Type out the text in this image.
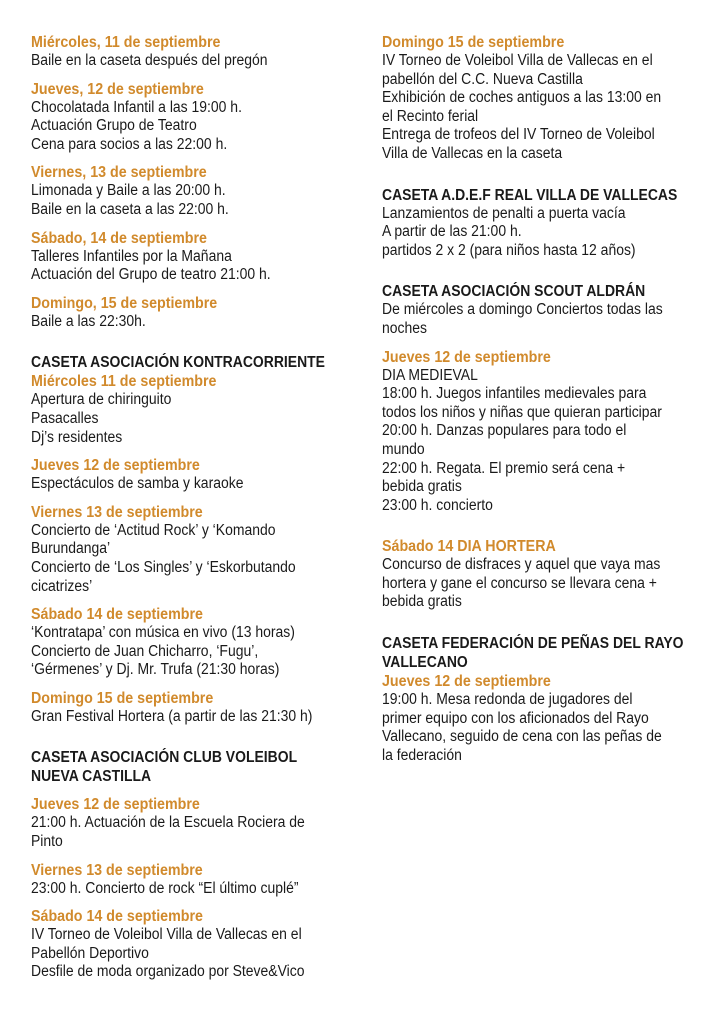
Miércoles, 11 de septiembre
Baile en la caseta después del pregón
Jueves, 12 de septiembre
Chocolatada Infantil a las 19:00 h.
Actuación Grupo de Teatro
Cena para socios a las 22:00 h.
Viernes, 13 de septiembre
Limonada y Baile a las 20:00 h.
Baile en la caseta a las 22:00 h.
Sábado, 14 de septiembre
Talleres Infantiles por la Mañana
Actuación del Grupo de teatro 21:00 h.
Domingo, 15 de septiembre
Baile a las 22:30h.
CASETA ASOCIACIÓN KONTRACORRIENTE
Miércoles 11 de septiembre
Apertura de chiringuito
Pasacalles
Dj’s residentes
Jueves 12 de septiembre
Espectáculos de samba y karaoke
Viernes 13 de septiembre
Concierto de ‘Actitud Rock’ y ‘Komando
Burundanga’
Concierto de ‘Los Singles’ y ‘Eskorbutando
cicatrizes’
Sábado 14 de septiembre
‘Kontratapa’ con música en vivo (13 horas)
Concierto de Juan Chicharro, ‘Fugu’,
‘Gérmenes’ y Dj. Mr. Trufa (21:30 horas)
Domingo 15 de septiembre
Gran Festival Hortera (a partir de las 21:30 h)
CASETA ASOCIACIÓN CLUB VOLEIBOL
NUEVA CASTILLA
Jueves 12 de septiembre
21:00 h. Actuación de la Escuela Rociera de
Pinto
Viernes 13 de septiembre
23:00 h. Concierto de rock “El último cuplé”
Sábado 14 de septiembre
IV Torneo de Voleibol Villa de Vallecas en el
Pabellón Deportivo
Desfile de moda organizado por Steve&Vico
Domingo 15 de septiembre
IV Torneo de Voleibol Villa de Vallecas en el
pabellón del C.C. Nueva Castilla
Exhibición de coches antiguos a las 13:00 en
el Recinto ferial
Entrega de trofeos del IV Torneo de Voleibol
Villa de Vallecas en la caseta
CASETA A.D.E.F REAL VILLA DE VALLECAS
Lanzamientos de penalti a puerta vacía
A partir de las 21:00 h.
partidos 2 x 2 (para niños hasta 12 años)
CASETA ASOCIACIÓN SCOUT ALDRÁN
De miércoles a domingo Conciertos todas las
noches
Jueves 12 de septiembre
DIA MEDIEVAL
18:00 h. Juegos infantiles medievales para
todos los niños y niñas que quieran participar
20:00 h. Danzas populares para todo el
mundo
22:00 h. Regata. El premio será cena +
bebida gratis
23:00 h. concierto
Sábado 14 DIA HORTERA
Concurso de disfraces y aquel que vaya mas
hortera y gane el concurso se llevara cena +
bebida gratis
CASETA FEDERACIÓN DE PEÑAS DEL RAYO
VALLECANO
Jueves 12 de septiembre
19:00 h. Mesa redonda de jugadores del
primer equipo con los aficionados del Rayo
Vallecano, seguido de cena con las peñas de
la federación
